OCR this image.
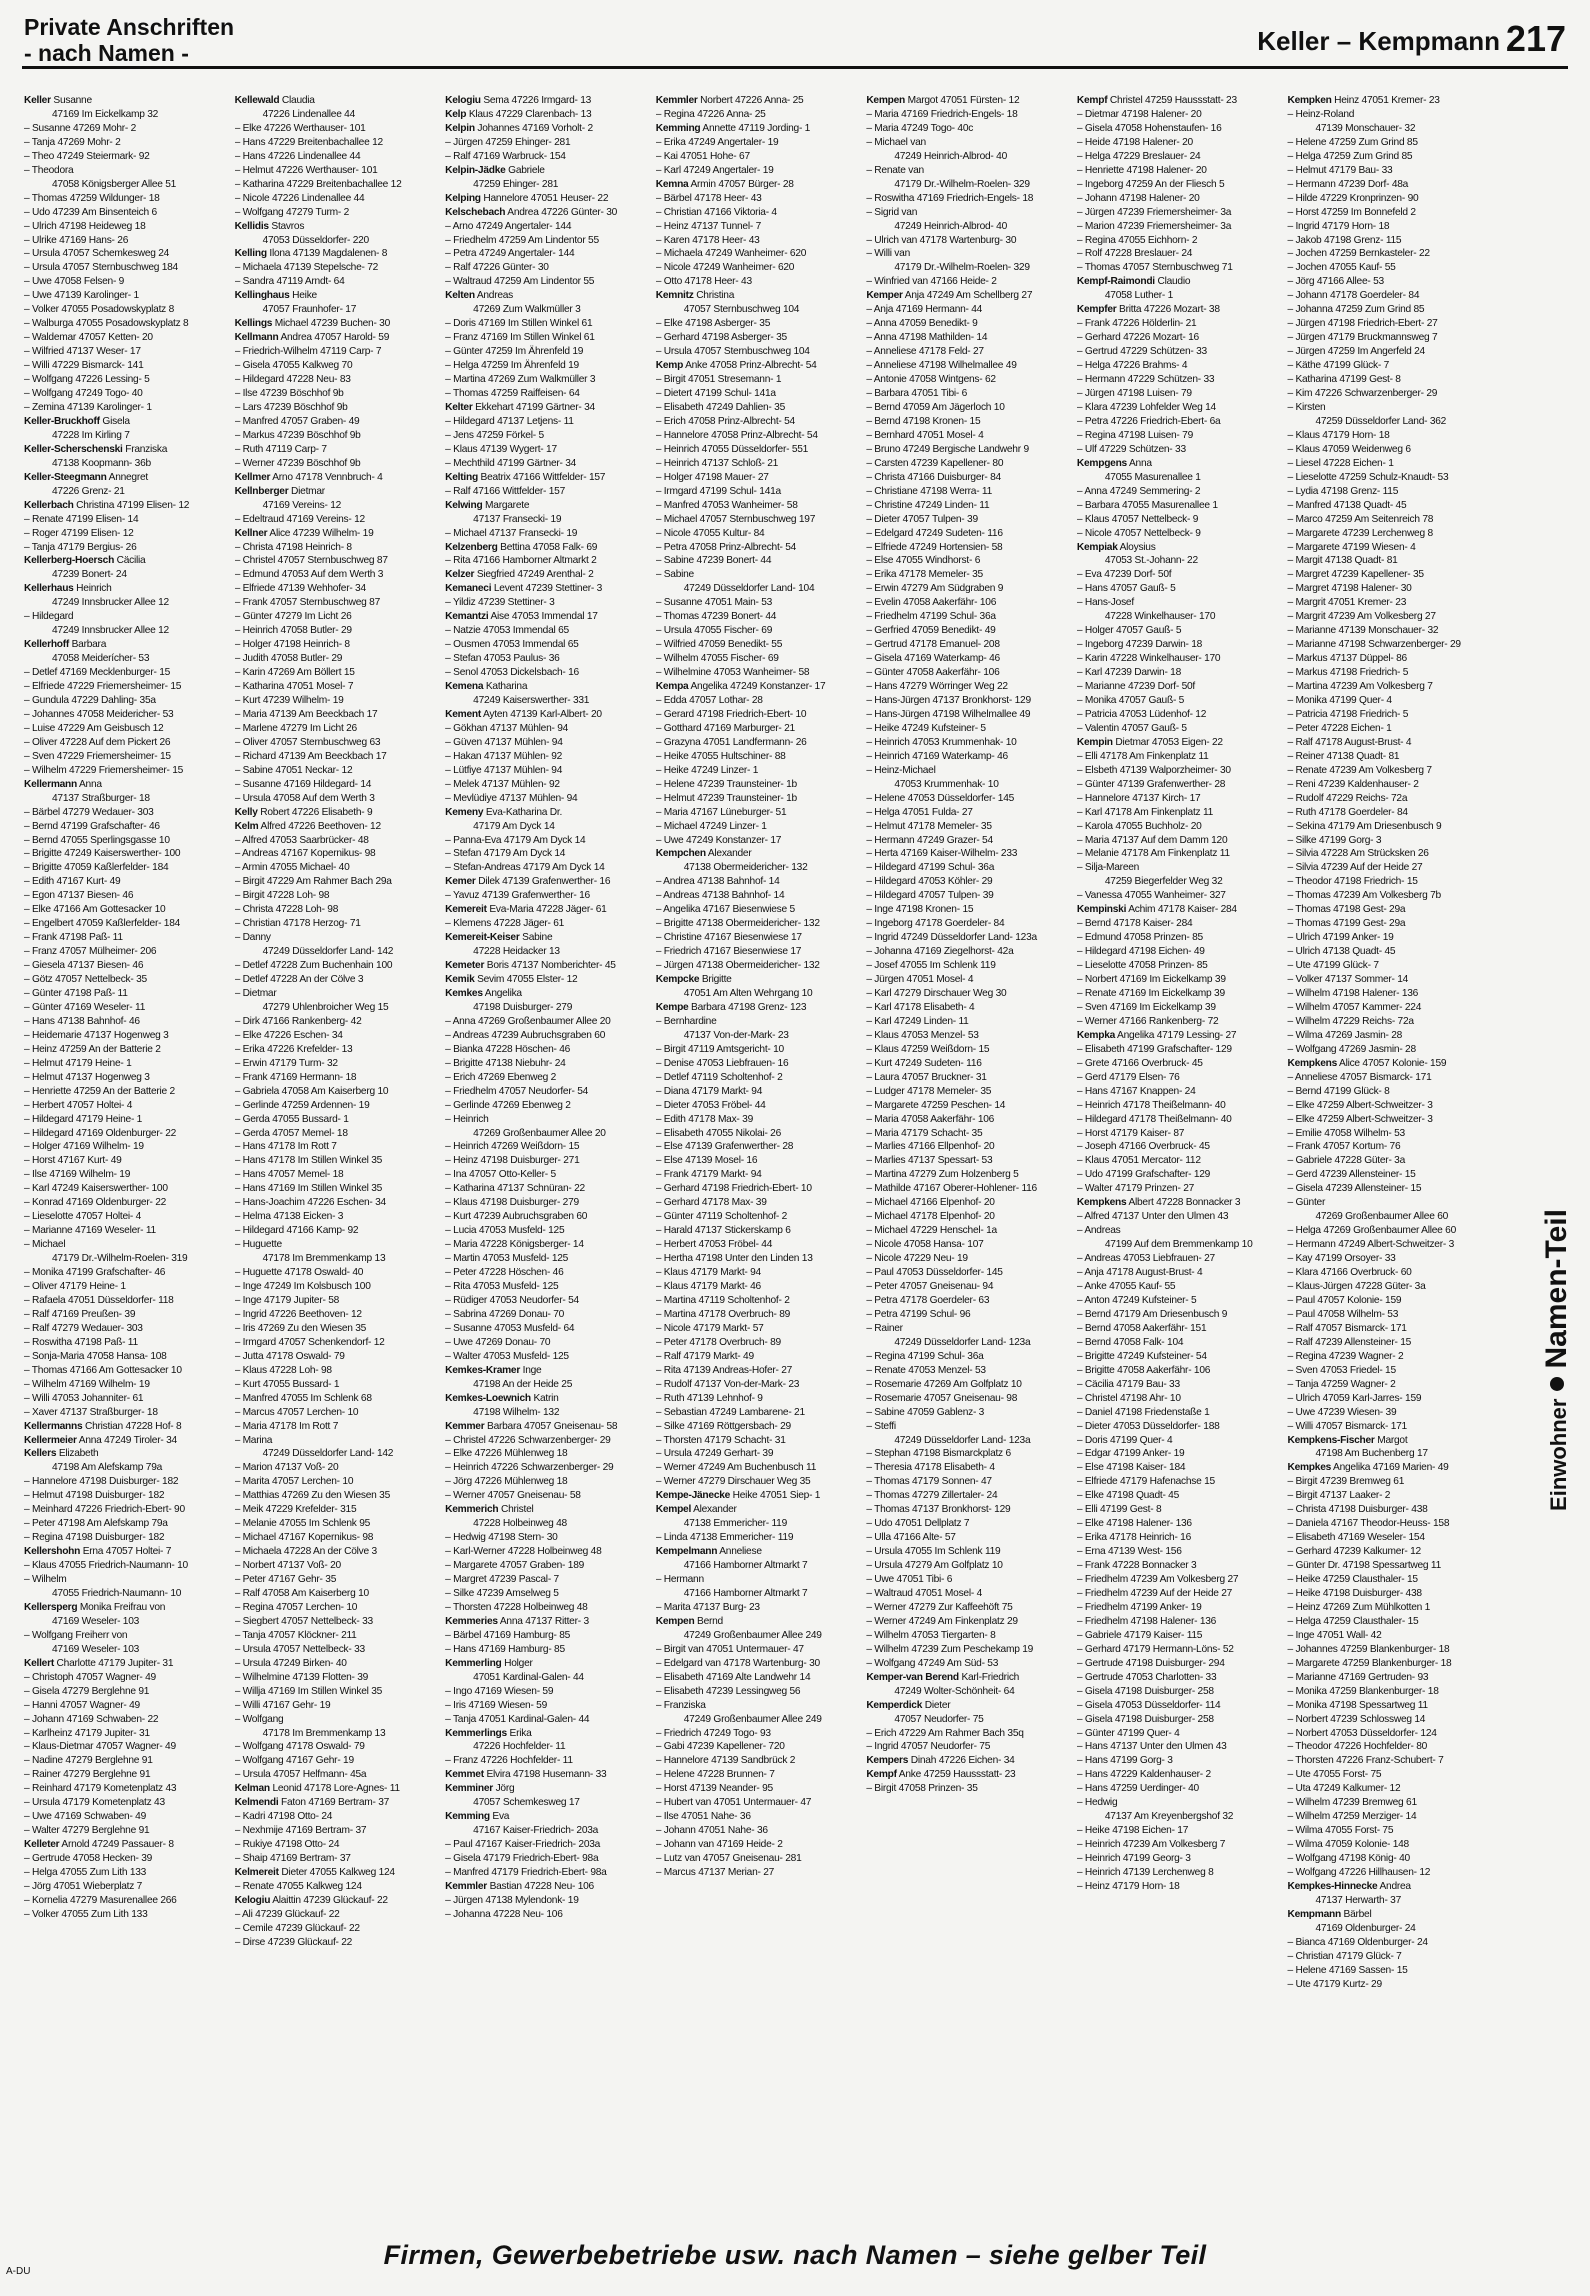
Private Anschriften
- nach Namen -	Keller – Kempmann 217
Keller Susanne
47169 Im Eickelkamp 32
– Susanne 47269 Mohr- 2
– Tanja 47269 Mohr- 2
– Theo 47249 Steiermark- 92
– Theodora
47058 Königsberger Allee 51
– Thomas 47259 Wildunger- 18
– Udo 47239 Am Binsenteich 6
– Ulrich 47198 Heideweg 18
– Ulrike 47169 Hans- 26
– Ursula 47057 Schemkesweg 24
– Ursula 47057 Sternbuschweg 184
– Uwe 47058 Felsen- 9
– Uwe 47139 Karolinger- 1
– Volker 47055 Posadowskyplatz 8
– Walburga 47055 Posadowskyplatz 8
– Waldemar 47057 Ketten- 20
– Wilfried 47137 Weser- 17
– Willi 47229 Bismarck- 141
– Wolfgang 47226 Lessing- 5
– Wolfgang 47249 Togo- 40
– Zemina 47139 Karolinger- 1
Keller-Bruckhoff Gisela
47228 Im Kirling 7
Keller-Scherschenski Franziska
47138 Koopmann- 36b
Keller-Steegmann Annegret
47226 Grenz- 21
Kellerbach Christina 47199 Elisen- 12
– Renate 47199 Elisen- 14
– Roger 47199 Elisen- 12
– Tanja 47179 Bergius- 26
Kellerberg-Hoersch Cäcilia
47239 Bonert- 24
Kellerhaus Heinrich
47249 Innsbrucker Allee 12
– Hildegard
47249 Innsbrucker Allee 12
Kellerhoff Barbara
47058 Meiderícher- 53
– Detlef 47169 Mecklenburger- 15
– Elfriede 47229 Friemersheimer- 15
– Gundula 47229 Dahling- 35a
– Johannes 47058 Meidericher- 53
– Luise 47229 Am Geisbusch 12
– Oliver 47228 Auf dem Pickert 26
– Sven 47229 Friemersheimer- 15
– Wilhelm 47229 Friemersheimer- 15
Kellermann Anna
47137 Straßburger- 18
– Bärbel 47279 Wedauer- 303
– Bernd 47199 Grafschafter- 46
– Bernd 47055 Sperlingsgasse 10
– Brigitte 47249 Kaiserswerther- 100
– Brigitte 47059 Kaßlerfelder- 184
– Edith 47167 Kurt- 49
– Egon 47137 Biesen- 46
– Elke 47166 Am Gottesacker 10
– Engelbert 47059 Kaßlerfelder- 184
– Frank 47198 Paß- 11
– Franz 47057 Mülheimer- 206
– Giesela 47137 Biesen- 46
– Götz 47057 Nettelbeck- 35
– Günter 47198 Paß- 11
– Günter 47169 Weseler- 11
– Hans 47138 Bahnhof- 46
– Heidemarie 47137 Hogenweg 3
– Heinz 47259 An der Batterie 2
– Helmut 47179 Heine- 1
– Helmut 47137 Hogenweg 3
– Henriette 47259 An der Batterie 2
– Herbert 47057 Holtei- 4
– Hildegard 47179 Heine- 1
– Hildegard 47169 Oldenburger- 22
– Holger 47169 Wilhelm- 19
– Horst 47167 Kurt- 49
– Ilse 47169 Wilhelm- 19
– Karl 47249 Kaiserswerther- 100
– Konrad 47169 Oldenburger- 22
– Lieselotte 47057 Holtei- 4
– Marianne 47169 Weseler- 11
– Michael
47179 Dr.-Wilhelm-Roelen- 319
– Monika 47199 Grafschafter- 46
– Oliver 47179 Heine- 1
– Rafaela 47051 Düsseldorfer- 118
– Ralf 47169 Preußen- 39
– Ralf 47279 Wedauer- 303
– Roswitha 47198 Paß- 11
– Sonja-Maria 47058 Hansa- 108
– Thomas 47166 Am Gottesacker 10
– Wilhelm 47169 Wilhelm- 19
– Willi 47053 Johanniter- 61
– Xaver 47137 Straßburger- 18
Kellermanns Christian 47228 Hof- 8
Kellermeier Anna 47249 Tiroler- 34
Kellers Elizabeth
47198 Am Alefskamp 79a
– Hannelore 47198 Duisburger- 182
– Helmut 47198 Duisburger- 182
– Meinhard 47226 Friedrich-Ebert- 90
– Peter 47198 Am Alefskamp 79a
– Regina 47198 Duisburger- 182
Kellershohn Erna 47057 Holtei- 7
– Klaus 47055 Friedrich-Naumann- 10
– Wilhelm
47055 Friedrich-Naumann- 10
Kellersperg Monika Freifrau von
47169 Weseler- 103
– Wolfgang Freiherr von
47169 Weseler- 103
Kellert Charlotte 47179 Jupiter- 31
– Christoph 47057 Wagner- 49
– Gisela 47279 Berglehne 91
– Hanni 47057 Wagner- 49
– Johann 47169 Schwaben- 22
– Karlheinz 47179 Jupiter- 31
– Klaus-Dietmar 47057 Wagner- 49
– Nadine 47279 Berglehne 91
– Rainer 47279 Berglehne 91
– Reinhard 47179 Kometenplatz 43
– Ursula 47179 Kometenplatz 43
– Uwe 47169 Schwaben- 49
– Walter 47279 Berglehne 91
Kelleter Arnold 47249 Passauer- 8
– Gertrude 47058 Hecken- 39
– Helga 47055 Zum Lith 133
– Jörg 47051 Wieberplatz 7
– Kornelia 47279 Masurenallee 266
– Volker 47055 Zum Lith 133
Kellewald Claudia
47226 Lindenallee 44
– Elke 47226 Werthauser- 101
– Hans 47229 Breitenbachallee 12
– Hans 47226 Lindenallee 44
– Helmut 47226 Werthauser- 101
– Katharina 47229 Breitenbachallee 12
– Nicole 47226 Lindenallee 44
– Wolfgang 47279 Turm- 2
Kellidis Stavros
47053 Düsseldorfer- 220
Kelling Ilona 47139 Magdalenen- 8
– Michaela 47139 Stepelsche- 72
– Sandra 47119 Arndt- 64
Kellinghaus Heike
47057 Fraunhofer- 17
Kellings Michael 47239 Buchen- 30
Kellmann Andrea 47057 Harold- 59
– Friedrich-Wilhelm 47119 Carp- 7
– Gisela 47055 Kalkweg 70
– Hildegard 47228 Neu- 83
– Ilse 47239 Böschhof 9b
– Lars 47239 Böschhof 9b
– Manfred 47057 Graben- 49
– Markus 47239 Böschhof 9b
– Ruth 47119 Carp- 7
– Werner 47239 Böschhof 9b
Kellmer Arno 47178 Vennbruch- 4
Kellnberger Dietmar
47169 Vereins- 12
– Edeltraud 47169 Vereins- 12
Kellner Alice 47239 Wilhelm- 19
– Christa 47198 Heinrich- 8
– Christel 47057 Sternbuschweg 87
– Edmund 47053 Auf dem Werth 3
– Elfriede 47139 Wehhofer- 34
– Frank 47057 Sternbuschweg 87
– Günter 47279 Im Licht 26
– Heinrich 47058 Butler- 29
– Holger 47198 Heinrich- 8
– Judith 47058 Butler- 29
– Karin 47269 Am Böllert 15
– Katharina 47051 Mosel- 7
– Kurt 47239 Wilhelm- 19
– Maria 47139 Am Beeckbach 17
– Marlene 47279 Im Licht 26
– Oliver 47057 Sternbuschweg 63
– Richard 47139 Am Beeckbach 17
– Sabine 47051 Neckar- 12
– Susanne 47169 Hildegard- 14
– Ursula 47058 Auf dem Werth 3
Kelly Robert 47226 Elisabeth- 9
Kelm Alfred 47226 Beethoven- 12
– Alfred 47053 Saarbrücker- 48
– Andreas 47167 Kopernikus- 98
– Armin 47055 Michael- 40
– Birgit 47229 Am Rahmer Bach 29a
– Birgit 47228 Loh- 98
– Christa 47228 Loh- 98
– Christian 47178 Herzog- 71
– Danny
47249 Düsseldorfer Land- 142
– Detlef 47228 Zum Buchenhain 100
– Detlef 47228 An der Cölve 3
– Dietmar
47279 Uhlenbroicher Weg 15
– Dirk 47166 Rankenberg- 42
– Elke 47226 Eschen- 34
– Erika 47226 Krefelder- 13
– Erwin 47179 Turm- 32
– Frank 47169 Hermann- 18
– Gabriela 47058 Am Kaiserberg 10
– Gerlinde 47259 Ardennen- 19
– Gerda 47055 Bussard- 1
– Gerda 47057 Memel- 18
– Hans 47178 Im Rott 7
– Hans 47178 Im Stillen Winkel 35
– Hans 47057 Memel- 18
– Hans 47169 Im Stillen Winkel 35
– Hans-Joachim 47226 Eschen- 34
– Helma 47138 Eicken- 3
– Hildegard 47166 Kamp- 92
– Huguette
47178 Im Bremmenkamp 13
– Huguette 47178 Oswald- 40
– Inge 47249 Im Kolsbusch 100
– Inge 47179 Jupiter- 58
– Ingrid 47226 Beethoven- 12
– Iris 47269 Zu den Wiesen 35
– Irmgard 47057 Schenkendorf- 12
– Jutta 47178 Oswald- 79
– Klaus 47228 Loh- 98
– Kurt 47055 Bussard- 1
– Manfred 47055 Im Schlenk 68
– Marcus 47057 Lerchen- 10
– Maria 47178 Im Rott 7
– Marina
47249 Düsseldorfer Land- 142
– Marion 47137 Voß- 20
– Marita 47057 Lerchen- 10
– Matthias 47269 Zu den Wiesen 35
– Meik 47229 Krefelder- 315
– Melanie 47055 Im Schlenk 95
– Michael 47167 Kopernikus- 98
– Michaela 47228 An der Cölve 3
– Norbert 47137 Voß- 20
– Peter 47167 Gehr- 35
– Ralf 47058 Am Kaiserberg 10
– Regina 47057 Lerchen- 10
– Siegbert 47057 Nettelbeck- 33
– Tanja 47057 Klöckner- 211
– Ursula 47057 Nettelbeck- 33
– Ursula 47249 Birken- 40
– Wilhelmine 47139 Flotten- 39
– Willja 47169 Im Stillen Winkel 35
– Willi 47167 Gehr- 19
– Wolfgang
47178 Im Bremmenkamp 13
– Wolfgang 47178 Oswald- 79
– Wolfgang 47167 Gehr- 19
– Ursula 47057 Helfmann- 45a
Kelman Leonid 47178 Lore-Agnes- 11
Kelmendi Faton 47169 Bertram- 37
– Kadri 47198 Otto- 24
– Nexhmije 47169 Bertram- 37
– Rukiye 47198 Otto- 24
– Shaip 47169 Bertram- 37
Kelmereit Dieter 47055 Kalkweg 124
– Renate 47055 Kalkweg 124
Kelogiu Alaittin 47239 Glückauf- 22
– Ali 47239 Glückauf- 22
– Cemile 47239 Glückauf- 22
– Dirse 47239 Glückauf- 22
Kelogiu Sema 47226 Irmgard- 13
Kelp Klaus 47229 Clarenbach- 13
Kelpin Johannes 47169 Vorholt- 2
– Jürgen 47259 Ehinger- 281
– Ralf 47169 Warbruck- 154
Kelpin-Jädke Gabriele
47259 Ehinger- 281
Kelping Hannelore 47051 Heuser- 22
Kelschebach Andrea 47226 Günter- 30
– Arno 47249 Angertaler- 144
– Friedhelm 47259 Am Lindentor 55
– Petra 47249 Angertaler- 144
– Ralf 47226 Günter- 30
– Waltraud 47259 Am Lindentor 55
Kelten Andreas
47269 Zum Walkmüller 3
– Doris 47169 Im Stillen Winkel 61
– Franz 47169 Im Stillen Winkel 61
– Günter 47259 Im Ährenfeld 19
– Helga 47259 Im Ährenfeld 19
– Martina 47269 Zum Walkmüller 3
– Thomas 47259 Raiffeisen- 64
Kelter Ekkehart 47199 Gärtner- 34
– Hildegard 47137 Letjens- 11
– Jens 47259 Förkel- 5
– Klaus 47139 Wygert- 17
– Mechthild 47199 Gärtner- 34
Kelting Beatrix 47166 Wittfelder- 157
– Ralf 47166 Wittfelder- 157
Kelwing Margarete
47137 Fransecki- 19
– Michael 47137 Fransecki- 19
Kelzenberg Bettina 47058 Falk- 69
– Rita 47166 Hamborner Altmarkt 2
Kelzer Siegfried 47249 Arenthal- 2
Kemaneci Levent 47239 Stettiner- 3
– Yildiz 47239 Stettiner- 3
Kemantzi Aise 47053 Immendal 17
– Natzie 47053 Immendal 65
– Ousmen 47053 Immendal 65
– Stefan 47053 Paulus- 36
– Senol 47053 Dickelsbach- 16
Kemena Katharina
47249 Kaiserswerther- 331
Kement Ayten 47139 Karl-Albert- 20
– Gökhan 47137 Mühlen- 94
– Güven 47137 Mühlen- 94
– Hakan 47137 Mühlen- 92
– Lütfiye 47137 Mühlen- 94
– Melek 47137 Mühlen- 92
– Mevlüdiye 47137 Mühlen- 94
Kemeny Eva-Katharina Dr.
47179 Am Dyck 14
– Panna-Eva 47179 Am Dyck 14
– Stefan 47179 Am Dyck 14
– Stefan-Andreas 47179 Am Dyck 14
Kemer Dilek 47139 Grafenwerther- 16
– Yavuz 47139 Grafenwerther- 16
Kemereit Eva-Maria 47228 Jäger- 61
– Klemens 47228 Jäger- 61
Kemereit-Keiser Sabine
47228 Heidacker 13
Kemeter Boris 47137 Nomberichter- 45
Kemik Sevim 47055 Elster- 12
Kemkes Angelika
47198 Duisburger- 279
– Anna 47269 Großenbaumer Allee 20
– Andreas 47239 Aubruchsgraben 60
– Bianka 47228 Höschen- 46
– Brigitte 47138 Niebuhr- 24
– Erich 47269 Ebenweg 2
– Friedhelm 47057 Neudorfer- 54
– Gerlinde 47269 Ebenweg 2
– Heinrich
47269 Großenbaumer Allee 20
– Heinrich 47269 Weißdorn- 15
– Heinz 47198 Duisburger- 271
– Ina 47057 Otto-Keller- 5
– Katharina 47137 Schnüran- 22
– Klaus 47198 Duisburger- 279
– Kurt 47239 Aubruchsgraben 60
– Lucia 47053 Musfeld- 125
– Maria 47228 Königsberger- 14
– Martin 47053 Musfeld- 125
– Peter 47228 Höschen- 46
– Rita 47053 Musfeld- 125
– Rüdiger 47053 Neudorfer- 54
– Sabrina 47269 Donau- 70
– Susanne 47053 Musfeld- 64
– Uwe 47269 Donau- 70
– Walter 47053 Musfeld- 125
Kemkes-Kramer Inge
47198 An der Heide 25
Kemkes-Loewnich Katrin
47198 Wilhelm- 132
Kemmer Barbara 47057 Gneisenau- 58
– Christel 47226 Schwarzenberger- 29
– Elke 47226 Mühlenweg 18
– Heinrich 47226 Schwarzenberger- 29
– Jörg 47226 Mühlenweg 18
– Werner 47057 Gneisenau- 58
Kemmerich Christel
47228 Holbeinweg 48
– Hedwig 47198 Stern- 30
– Karl-Werner 47228 Holbeinweg 48
– Margarete 47057 Graben- 189
– Margret 47239 Pascal- 7
– Silke 47239 Amselweg 5
– Thorsten 47228 Holbeinweg 48
Kemmeries Anna 47137 Ritter- 3
– Bärbel 47169 Hamburg- 85
– Hans 47169 Hamburg- 85
Kemmerling Holger
47051 Kardinal-Galen- 44
– Ingo 47169 Wiesen- 59
– Iris 47169 Wiesen- 59
– Tanja 47051 Kardinal-Galen- 44
Kemmerlings Erika
47226 Hochfelder- 11
– Franz 47226 Hochfelder- 11
Kemmet Elvira 47198 Husemann- 33
Kemminer Jörg
47057 Schemkesweg 17
Kemming Eva
47167 Kaiser-Friedrich- 203a
– Paul 47167 Kaiser-Friedrich- 203a
– Gisela 47179 Friedrich-Ebert- 98a
– Manfred 47179 Friedrich-Ebert- 98a
Kemmler Bastian 47228 Neu- 106
– Jürgen 47138 Mylendonk- 19
– Johanna 47228 Neu- 106
Kemmler Norbert 47226 Anna- 25
– Regina 47226 Anna- 25
Kemming Annette 47119 Jording- 1
– Erika 47249 Angertaler- 19
– Kai 47051 Hohe- 67
– Karl 47249 Angertaler- 19
Kemna Armin 47057 Bürger- 28
– Bärbel 47178 Heer- 43
– Christian 47166 Viktoria- 4
– Heinz 47137 Tunnel- 7
– Karen 47178 Heer- 43
– Michaela 47249 Wanheimer- 620
– Nicole 47249 Wanheimer- 620
– Otto 47178 Heer- 43
Kemnitz Christina
47057 Sternbuschweg 104
– Elke 47198 Asberger- 35
– Gerhard 47198 Asberger- 35
– Ursula 47057 Sternbuschweg 104
Kemp Anke 47058 Prinz-Albrecht- 54
– Birgit 47051 Stresemann- 1
– Dietert 47199 Schul- 141a
– Elisabeth 47249 Dahlien- 35
– Erich 47058 Prinz-Albrecht- 54
– Hannelore 47058 Prinz-Albrecht- 54
– Heinrich 47055 Düsseldorfer- 551
– Heinrich 47137 Schloß- 21
– Holger 47198 Mauer- 27
– Irmgard 47199 Schul- 141a
– Manfred 47053 Wanheimer- 58
– Michael 47057 Sternbuschweg 197
– Nicole 47055 Kultur- 84
– Petra 47058 Prinz-Albrecht- 54
– Sabine 47239 Bonert- 44
– Sabine
47249 Düsseldorfer Land- 104
– Susanne 47051 Main- 53
– Thomas 47239 Bonert- 44
– Ursula 47055 Fischer- 69
– Wilfried 47059 Benedikt- 55
– Wilhelm 47055 Fischer- 69
– Wilhelmine 47053 Wanheimer- 58
Kempa Angelika 47249 Konstanzer- 17
– Edda 47057 Lothar- 28
– Gerard 47198 Friedrich-Ebert- 10
– Gotthard 47169 Marburger- 21
– Grazyna 47051 Landfermann- 26
– Heike 47055 Hultschiner- 88
– Heike 47249 Linzer- 1
– Helene 47239 Traunsteiner- 1b
– Helmut 47239 Traunsteiner- 1b
– Maria 47167 Lüneburger- 51
– Michael 47249 Linzer- 1
– Uwe 47249 Konstanzer- 17
Kempchen Alexander
47138 Obermeidericher- 132
– Andrea 47138 Bahnhof- 14
– Andreas 47138 Bahnhof- 14
– Angelika 47167 Biesenwiese 5
– Brigitte 47138 Obermeidericher- 132
– Christine 47167 Biesenwiese 17
– Friedrich 47167 Biesenwiese 17
– Jürgen 47138 Obermeidericher- 132
Kempcke Brigitte
47051 Am Alten Wehrgang 10
Kempe Barbara 47198 Grenz- 123
– Bernhardine
47137 Von-der-Mark- 23
– Birgit 47119 Amtsgericht- 10
– Denise 47053 Liebfrauen- 16
– Detlef 47119 Scholtenhof- 2
– Diana 47179 Markt- 94
– Dieter 47053 Fröbel- 44
– Edith 47178 Max- 39
– Elisabeth 47055 Nikolai- 26
– Else 47139 Grafenwerther- 28
– Else 47139 Mosel- 16
– Frank 47179 Markt- 94
– Gerhard 47198 Friedrich-Ebert- 10
– Gerhard 47178 Max- 39
– Günter 47119 Scholtenhof- 2
– Harald 47137 Stickerskamp 6
– Herbert 47053 Fröbel- 44
– Hertha 47198 Unter den Linden 13
– Klaus 47179 Markt- 94
– Klaus 47179 Markt- 46
– Martina 47119 Scholtenhof- 2
– Martina 47178 Overbruch- 89
– Nicole 47179 Markt- 57
– Peter 47178 Overbruch- 89
– Ralf 47179 Markt- 49
– Rita 47139 Andreas-Hofer- 27
– Rudolf 47137 Von-der-Mark- 23
– Ruth 47139 Lehnhof- 9
– Sebastian 47249 Lambarene- 21
– Silke 47169 Röttgersbach- 29
– Thorsten 47179 Schacht- 31
– Ursula 47249 Gerhart- 39
– Werner 47249 Am Buchenbusch 11
– Werner 47279 Dirschauer Weg 35
Kempe-Jänecke Heike 47051 Siep- 1
Kempel Alexander
47138 Emmericher- 119
– Linda 47138 Emmericher- 119
Kempelmann Anneliese
47166 Hamborner Altmarkt 7
– Hermann
47166 Hamborner Altmarkt 7
– Marita 47137 Burg- 23
Kempen Bernd
47249 Großenbaumer Allee 249
– Birgit van 47051 Untermauer- 47
– Edelgard van 47178 Wartenburg- 30
– Elisabeth 47169 Alte Landwehr 14
– Elisabeth 47239 Lessingweg 56
– Franziska
47249 Großenbaumer Allee 249
– Friedrich 47249 Togo- 93
– Gabi 47239 Kapellener- 720
– Hannelore 47139 Sandbrück 2
– Helene 47228 Brunnen- 7
– Horst 47139 Neander- 95
– Hubert van 47051 Untermauer- 47
– Ilse 47051 Nahe- 36
– Johann 47051 Nahe- 36
– Johann van 47169 Heide- 2
– Lutz van 47057 Gneisenau- 281
– Marcus 47137 Merian- 27
Kempen Margot 47051 Fürsten- 12
– Maria 47169 Friedrich-Engels- 18
– Maria 47249 Togo- 40c
– Michael van
47249 Heinrich-Albrod- 40
– Renate van
47179 Dr.-Wilhelm-Roelen- 329
– Roswitha 47169 Friedrich-Engels- 18
– Sigrid van
47249 Heinrich-Albrod- 40
– Ulrich van 47178 Wartenburg- 30
– Willi van
47179 Dr.-Wilhelm-Roelen- 329
– Winfried van 47166 Heide- 2
Kemper Anja 47249 Am Schellberg 27
– Anja 47169 Hermann- 44
– Anna 47059 Benedikt- 9
– Anna 47198 Mathilden- 14
– Anneliese 47178 Feld- 27
– Anneliese 47198 Wilhelmallee 49
– Antonie 47058 Wintgens- 62
– Barbara 47051 Tibi- 6
– Bernd 47059 Am Jägerloch 10
– Bernd 47198 Kronen- 15
– Bernhard 47051 Mosel- 4
– Bruno 47249 Bergische Landwehr 9
– Carsten 47239 Kapellener- 80
– Christa 47166 Duisburger- 84
– Christiane 47198 Werra- 11
– Christine 47249 Linden- 11
– Dieter 47057 Tulpen- 39
– Edelgard 47249 Sudeten- 116
– Elfriede 47249 Hortensien- 58
– Else 47055 Windhorst- 6
– Erika 47178 Memeler- 35
– Erwin 47279 Am Südgraben 9
– Evelin 47058 Aakerfähr- 106
– Friedhelm 47199 Schul- 36a
– Gerfried 47059 Benedikt- 49
– Gertrud 47178 Emanuel- 208
– Gisela 47169 Waterkamp- 46
– Günter 47058 Aakerfähr- 106
– Hans 47279 Wörringer Weg 22
– Hans-Jürgen 47137 Bronkhorst- 129
– Hans-Jürgen 47198 Wilhelmallee 49
– Heike 47249 Kufsteiner- 5
– Heinrich 47053 Krummenhak- 10
– Heinrich 47169 Waterkamp- 46
– Heinz-Michael
47053 Krummenhak- 10
– Helene 47053 Düsseldorfer- 145
– Helga 47051 Fulda- 27
– Helmut 47178 Memeler- 35
– Hermann 47249 Grazer- 54
– Herta 47169 Kaiser-Wilhelm- 233
– Hildegard 47199 Schul- 36a
– Hildegard 47053 Köhler- 29
– Hildegard 47057 Tulpen- 39
– Inge 47198 Kronen- 15
– Ingeborg 47178 Goerdeler- 84
– Ingrid 47249 Düsseldorfer Land- 123a
– Johanna 47169 Ziegelhorst- 42a
– Josef 47055 Im Schlenk 119
– Jürgen 47051 Mosel- 4
– Karl 47279 Dirschauer Weg 30
– Karl 47178 Elisabeth- 4
– Karl 47249 Linden- 11
– Klaus 47053 Menzel- 53
– Klaus 47259 Weißdorn- 15
– Kurt 47249 Sudeten- 116
– Laura 47057 Bruckner- 31
– Ludger 47178 Memeler- 35
– Margarete 47259 Peschen- 14
– Maria 47058 Aakerfähr- 106
– Maria 47179 Schacht- 35
– Marlies 47166 Ellpenhof- 20
– Marlies 47137 Spessart- 53
– Martina 47279 Zum Holzenberg 5
– Mathilde 47167 Oberer-Hohlener- 116
– Michael 47166 Elpenhof- 20
– Michael 47178 Elpenhof- 20
– Michael 47229 Henschel- 1a
– Nicole 47058 Hansa- 107
– Nicole 47229 Neu- 19
– Paul 47053 Düsseldorfer- 145
– Peter 47057 Gneisenau- 94
– Petra 47178 Goerdeler- 63
– Petra 47199 Schul- 96
– Rainer
47249 Düsseldorfer Land- 123a
– Regina 47199 Schul- 36a
– Renate 47053 Menzel- 53
– Rosemarie 47269 Am Golfplatz 10
– Rosemarie 47057 Gneisenau- 98
– Sabine 47059 Gablenz- 3
– Steffi
47249 Düsseldorfer Land- 123a
– Stephan 47198 Bismarckplatz 6
– Theresia 47178 Elisabeth- 4
– Thomas 47179 Sonnen- 47
– Thomas 47279 Zillertaler- 24
– Thomas 47137 Bronkhorst- 129
– Udo 47051 Dellplatz 7
– Ulla 47166 Alte- 57
– Ursula 47055 Im Schlenk 119
– Ursula 47279 Am Golfplatz 10
– Uwe 47051 Tibi- 6
– Waltraud 47051 Mosel- 4
– Werner 47279 Zur Kaffeehöft 75
– Werner 47249 Am Finkenplatz 29
– Wilhelm 47053 Tiergarten- 8
– Wilhelm 47239 Zum Peschekamp 19
– Wolfgang 47249 Am Süd- 53
Kemper-van Berend Karl-Friedrich
47249 Wolter-Schönheit- 64
Kemperdick Dieter
47057 Neudorfer- 75
– Erich 47229 Am Rahmer Bach 35q
– Ingrid 47057 Neudorfer- 75
Kempers Dinah 47226 Eichen- 34
Kempf Anke 47259 Haussstatt- 23
– Birgit 47058 Prinzen- 35
Kempf Christel 47259 Haussstatt- 23
– Dietmar 47198 Halener- 20
– Gisela 47058 Hohenstaufen- 16
– Heide 47198 Halener- 20
– Helga 47229 Breslauer- 24
– Henriette 47198 Halener- 20
– Ingeborg 47259 An der Fliesch 5
– Johann 47198 Halener- 20
– Jürgen 47239 Friemersheimer- 3a
– Marion 47239 Friemersheimer- 3a
– Regina 47055 Eichhorn- 2
– Rolf 47228 Breslauer- 24
– Thomas 47057 Sternbuschweg 71
Kempf-Raimondi Claudio
47058 Luther- 1
Kempfer Britta 47226 Mozart- 38
– Frank 47226 Hölderlin- 21
– Gerhard 47226 Mozart- 16
– Gertrud 47229 Schützen- 33
– Helga 47226 Brahms- 4
– Hermann 47229 Schützen- 33
– Jürgen 47198 Luisen- 79
– Klara 47239 Lohfelder Weg 14
– Petra 47226 Friedrich-Ebert- 6a
– Regina 47198 Luisen- 79
– Ulf 47229 Schützen- 33
Kempgens Anna
47055 Masurenallee 1
– Anna 47249 Semmering- 2
– Barbara 47055 Masurenallee 1
– Klaus 47057 Nettelbeck- 9
– Nicole 47057 Nettelbeck- 9
Kempiak Aloysius
47053 St.-Johann- 22
– Eva 47239 Dorf- 50f
– Hans 47057 Gauß- 5
– Hans-Josef
47228 Winkelhauser- 170
– Holger 47057 Gauß- 5
– Ingeborg 47239 Darwin- 18
– Karin 47228 Winkelhauser- 170
– Karl 47239 Darwin- 18
– Marianne 47239 Dorf- 50f
– Monika 47057 Gauß- 5
– Patricia 47053 Lüdenhof- 12
– Valentin 47057 Gauß- 5
Kempin Dietmar 47053 Eigen- 22
– Elli 47178 Am Finkenplatz 11
– Elsbeth 47139 Walporzheimer- 30
– Günter 47139 Grafenwerther- 28
– Hannelore 47137 Kirch- 17
– Karl 47178 Am Finkenplatz 11
– Karola 47055 Buchholz- 20
– Maria 47137 Auf dem Damm 120
– Melanie 47178 Am Finkenplatz 11
– Silja-Mareen
47259 Biegerfelder Weg 32
– Vanessa 47055 Wanheimer- 327
Kempinski Achim 47178 Kaiser- 284
– Bernd 47178 Kaiser- 284
– Edmund 47058 Prinzen- 85
– Hildegard 47198 Eichen- 49
– Lieselotte 47058 Prinzen- 85
– Norbert 47169 Im Eickelkamp 39
– Renate 47169 Im Eickelkamp 39
– Sven 47169 Im Eickelkamp 39
– Werner 47166 Rankenberg- 72
Kempka Angelika 47179 Lessing- 27
– Elisabeth 47199 Grafschafter- 129
– Grete 47166 Overbruck- 45
– Gerd 47179 Elsen- 76
– Hans 47167 Knappen- 24
– Heinrich 47178 Theißelmann- 40
– Hildegard 47178 Theißelmann- 40
– Horst 47179 Kaiser- 87
– Joseph 47166 Overbruck- 45
– Klaus 47051 Mercator- 112
– Udo 47199 Grafschafter- 129
– Walter 47179 Prinzen- 27
Kempkens Albert 47228 Bonnacker 3
– Alfred 47137 Unter den Ulmen 43
– Andreas
47199 Auf dem Bremmenkamp 10
– Andreas 47053 Liebfrauen- 27
– Anja 47178 August-Brust- 4
– Anke 47055 Kauf- 55
– Anton 47249 Kufsteiner- 5
– Bernd 47179 Am Driesenbusch 9
– Bernd 47058 Aakerfähr- 151
– Bernd 47058 Falk- 104
– Brigitte 47249 Kufsteiner- 54
– Brigitte 47058 Aakerfähr- 106
– Cäcilia 47179 Bau- 33
– Christel 47198 Ahr- 10
– Daniel 47198 Friedenstaße 1
– Dieter 47053 Düsseldorfer- 188
– Doris 47199 Quer- 4
– Edgar 47199 Anker- 19
– Else 47198 Kaiser- 184
– Elfriede 47179 Hafenachse 15
– Elke 47198 Quadt- 45
– Elli 47199 Gest- 8
– Elke 47198 Halener- 136
– Erika 47178 Heinrich- 16
– Erna 47139 West- 156
– Frank 47228 Bonnacker 3
– Friedhelm 47239 Am Volkesberg 27
– Friedhelm 47239 Auf der Heide 27
– Friedhelm 47199 Anker- 19
– Friedhelm 47198 Halener- 136
– Gabriele 47179 Kaiser- 115
– Gerhard 47179 Hermann-Löns- 52
– Gertrude 47198 Duisburger- 294
– Gertrude 47053 Charlotten- 33
– Gisela 47198 Duisburger- 258
– Gisela 47053 Düsseldorfer- 114
– Gisela 47198 Duisburger- 258
– Günter 47199 Quer- 4
– Hans 47137 Unter den Ulmen 43
– Hans 47199 Gorg- 3
– Hans 47229 Kaldenhauser- 2
– Hans 47259 Uerdinger- 40
– Hedwig
47137 Am Kreyenbergshof 32
– Heike 47198 Eichen- 17
– Heinrich 47239 Am Volkesberg 7
– Heinrich 47199 Georg- 3
– Heinrich 47139 Lerchenweg 8
– Heinz 47179 Horn- 18
Kempken Heinz 47051 Kremer- 23
– Heinz-Roland
47139 Monschauer- 32
– Helene 47259 Zum Grind 85
– Helga 47259 Zum Grind 85
– Helmut 47179 Bau- 33
– Hermann 47239 Dorf- 48a
– Hilde 47229 Kronprinzen- 90
– Horst 47259 Im Bonnefeld 2
– Ingrid 47179 Horn- 18
– Jakob 47198 Grenz- 115
– Jochen 47259 Bernkasteler- 22
– Jochen 47055 Kauf- 55
– Jörg 47166 Allee- 53
– Johann 47178 Goerdeler- 84
– Johanna 47259 Zum Grind 85
– Jürgen 47198 Friedrich-Ebert- 27
– Jürgen 47179 Bruckmannsweg 7
– Jürgen 47259 Im Angerfeld 24
– Käthe 47199 Glück- 7
– Katharina 47199 Gest- 8
– Kim 47226 Schwarzenberger- 29
– Kirsten
47259 Düsseldorfer Land- 362
– Klaus 47179 Horn- 18
– Klaus 47059 Weidenweg 6
– Liesel 47228 Eichen- 1
– Lieselotte 47259 Schulz-Knaudt- 53
– Lydia 47198 Grenz- 115
– Manfred 47138 Quadt- 45
– Marco 47259 Am Seitenreich 78
– Margarete 47239 Lerchenweg 8
– Margarete 47199 Wiesen- 4
– Margit 47138 Quadt- 81
– Margret 47239 Kapellener- 35
– Margret 47198 Halener- 30
– Margrit 47051 Kremer- 23
– Margrit 47239 Am Volkesberg 27
– Marianne 47139 Monschauer- 32
– Marianne 47198 Schwarzenberger- 29
– Markus 47137 Düppel- 86
– Markus 47198 Friedrich- 5
– Martina 47239 Am Volkesberg 7
– Monika 47199 Quer- 4
– Patricia 47198 Friedrich- 5
– Peter 47228 Eichen- 1
– Ralf 47178 August-Brust- 4
– Reiner 47138 Quadt- 81
– Renate 47239 Am Volkesberg 7
– Reni 47239 Kaldenhauser- 2
– Rudolf 47229 Reichs- 72a
– Ruth 47178 Goerdeler- 84
– Sekina 47179 Am Driesenbusch 9
– Silke 47199 Gorg- 3
– Silvia 47228 Am Strücksken 26
– Silvia 47239 Auf der Heide 27
– Theodor 47198 Friedrich- 15
– Thomas 47239 Am Volkesberg 7b
– Thomas 47198 Gest- 29a
– Thomas 47199 Gest- 29a
– Ulrich 47199 Anker- 19
– Ulrich 47138 Quadt- 45
– Ute 47199 Glück- 7
– Volker 47137 Sommer- 14
– Wilhelm 47198 Halener- 136
– Wilhelm 47057 Kammer- 224
– Wilhelm 47229 Reichs- 72a
– Wilma 47269 Jasmin- 28
– Wolfgang 47269 Jasmin- 28
Kempkens Alice 47057 Kolonie- 159
– Anneliese 47057 Bismarck- 171
– Bernd 47199 Glück- 8
– Elke 47259 Albert-Schweitzer- 3
– Elke 47259 Albert-Schweitzer- 3
– Emilie 47058 Wilhelm- 53
– Frank 47057 Kortum- 76
– Gabriele 47228 Güter- 3a
– Gerd 47239 Allensteiner- 15
– Gisela 47239 Allensteiner- 15
– Günter
47269 Großenbaumer Allee 60
– Helga 47269 Großenbaumer Allee 60
– Hermann 47249 Albert-Schweitzer- 3
– Kay 47199 Orsoyer- 33
– Klara 47166 Overbruck- 60
– Klaus-Jürgen 47228 Güter- 3a
– Paul 47057 Kolonie- 159
– Paul 47058 Wilhelm- 53
– Ralf 47057 Bismarck- 171
– Ralf 47239 Allensteiner- 15
– Regina 47239 Wagner- 2
– Sven 47053 Friedel- 15
– Tanja 47259 Wagner- 2
– Ulrich 47059 Karl-Jarres- 159
– Uwe 47239 Wiesen- 39
– Willi 47057 Bismarck- 171
Kempkens-Fischer Margot
47198 Am Buchenberg 17
Kempkes Angelika 47169 Marien- 49
– Birgit 47239 Bremweg 61
– Birgit 47137 Laaker- 2
– Christa 47198 Duisburger- 438
– Daniela 47167 Theodor-Heuss- 158
– Elisabeth 47169 Weseler- 154
– Gerhard 47239 Kalkumer- 12
– Günter Dr. 47198 Spessartweg 11
– Heike 47259 Clausthaler- 15
– Heike 47198 Duisburger- 438
– Heinz 47269 Zum Mühlkotten 1
– Helga 47259 Clausthaler- 15
– Inge 47051 Wall- 42
– Johannes 47259 Blankenburger- 18
– Margarete 47259 Blankenburger- 18
– Marianne 47169 Gertruden- 93
– Monika 47259 Blankenburger- 18
– Monika 47198 Spessartweg 11
– Norbert 47239 Schlossweg 14
– Norbert 47053 Düsseldorfer- 124
– Theodor 47226 Hochfelder- 80
– Thorsten 47226 Franz-Schubert- 7
– Ute 47055 Forst- 75
– Uta 47249 Kalkumer- 12
– Wilhelm 47239 Bremweg 61
– Wilhelm 47259 Merziger- 14
– Wilma 47055 Forst- 75
– Wilma 47059 Kolonie- 148
– Wolfgang 47198 König- 40
– Wolfgang 47226 Hillhausen- 12
Kempkes-Hinnecke Andrea
47137 Herwarth- 37
Kempmann Bärbel
47169 Oldenburger- 24
– Bianca 47169 Oldenburger- 24
– Christian 47179 Glück- 7
– Helene 47169 Sassen- 15
– Ute 47179 Kurtz- 29
Einwohner
Namen-Teil
Firmen, Gewerbebetriebe usw. nach Namen – siehe gelber Teil
A-DU
